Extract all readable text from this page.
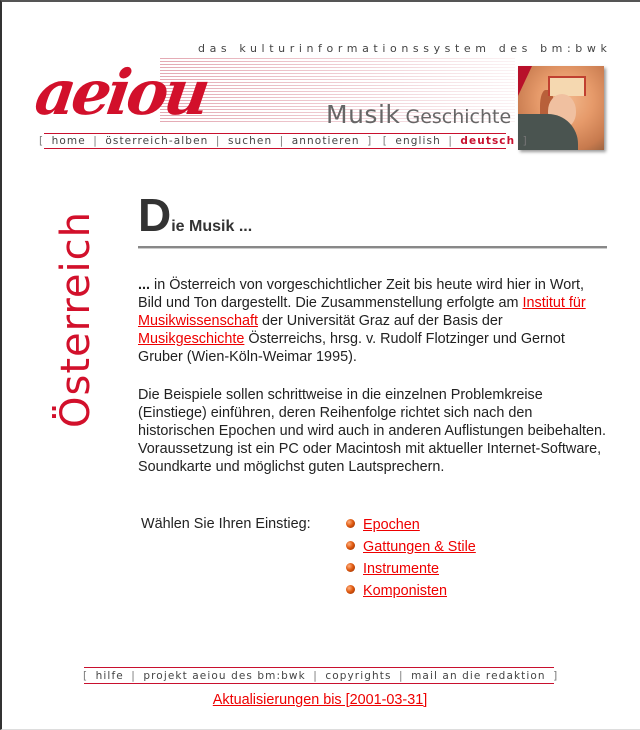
das kulturinformationssystem des bm:bwk
aeiou	Musik Geschichte
[ home | österreich-alben | suchen | annotieren ] [ english | deutsch ]
Österreich Die Musik ...
... in Österreich von vorgeschichtlicher Zeit bis heute wird hier in Wort, Bild und Ton dargestellt. Die Zusammenstellung erfolgte am Institut für Musikwissenschaft der Universität Graz auf der Basis der Musikgeschichte Österreichs, hrsg. v. Rudolf Flotzinger und Gernot Gruber (Wien-Köln-Weimar 1995).
Die Beispiele sollen schrittweise in die einzelnen Problemkreise (Einstiege) einführen, deren Reihenfolge richtet sich nach den historischen Epochen und wird auch in anderen Auflistungen beibehalten.
Voraussetzung ist ein PC oder Macintosh mit aktueller Internet-Software, Soundkarte und möglichst guten Lautsprechern.
Wählen Sie Ihren Einstieg:	Epochen
Gattungen & Stile
Instrumente
Komponisten
[ hilfe | projekt aeiou des bm:bwk | copyrights | mail an die redaktion ]
Aktualisierungen bis [2001-03-31]
